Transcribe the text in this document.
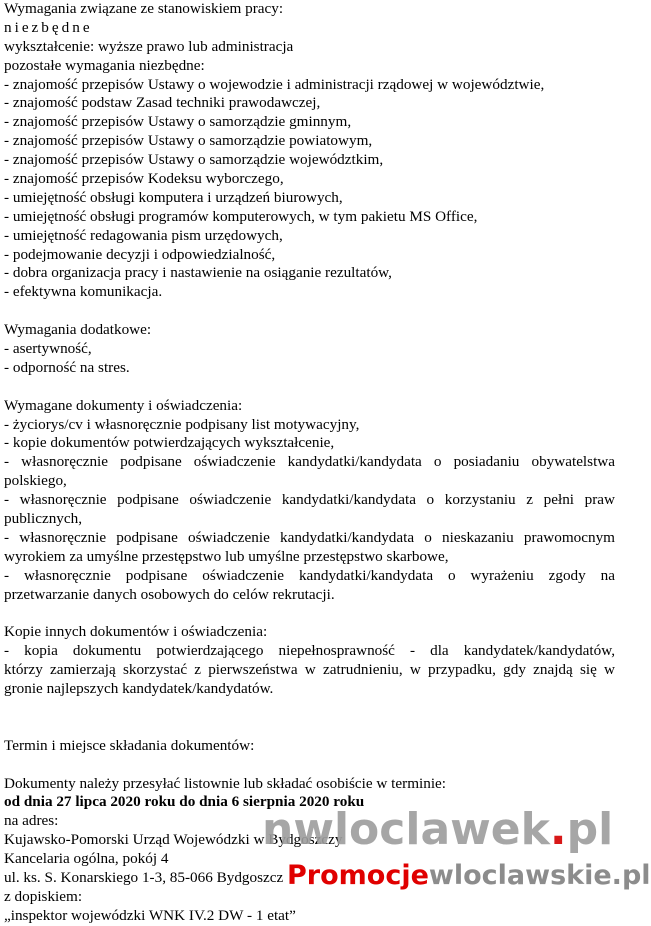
Wymagania związane ze stanowiskiem pracy:
niezbędne
wykształcenie: wyższe prawo lub administracja
pozostałe wymagania niezbędne:
- znajomość przepisów Ustawy o wojewodzie i administracji rządowej w województwie,
- znajomość podstaw Zasad techniki prawodawczej,
- znajomość przepisów Ustawy o samorządzie gminnym,
- znajomość przepisów Ustawy o samorządzie powiatowym,
- znajomość przepisów Ustawy o samorządzie województkim,
- znajomość przepisów Kodeksu wyborczego,
- umiejętność obsługi komputera i urządzeń biurowych,
- umiejętność obsługi programów komputerowych, w tym pakietu MS Office,
- umiejętność redagowania pism urzędowych,
- podejmowanie decyzji i odpowiedzialność,
- dobra organizacja pracy i nastawienie na osiąganie rezultatów,
- efektywna komunikacja.
Wymagania dodatkowe:
- asertywność,
- odporność na stres.
Wymagane dokumenty i oświadczenia:
- życiorys/cv i własnoręcznie podpisany list motywacyjny,
- kopie dokumentów potwierdzających wykształcenie,
- własnoręcznie podpisane oświadczenie kandydatki/kandydata o posiadaniu obywatelstwa
polskiego,
- własnoręcznie podpisane oświadczenie kandydatki/kandydata o korzystaniu z pełni praw
publicznych,
- własnoręcznie podpisane oświadczenie kandydatki/kandydata o nieskazaniu prawomocnym
wyrokiem za umyślne przestępstwo lub umyślne przestępstwo skarbowe,
- własnoręcznie podpisane oświadczenie kandydatki/kandydata o wyrażeniu zgody na
przetwarzanie danych osobowych do celów rekrutacji.
Kopie innych dokumentów i oświadczenia:
- kopia dokumentu potwierdzającego niepełnosprawność - dla kandydatek/kandydatów,
którzy zamierzają skorzystać z pierwszeństwa w zatrudnieniu, w przypadku, gdy znajdą się w
gronie najlepszych kandydatek/kandydatów.
Termin i miejsce składania dokumentów:
Dokumenty należy przesyłać listownie lub składać osobiście w terminie:
od dnia 27 lipca 2020 roku do dnia 6 sierpnia 2020 roku
na adres:
Kujawsko-Pomorski Urząd Wojewódzki w Bydgoszczy
Kancelaria ogólna, pokój 4
ul. ks. S. Konarskiego 1-3, 85-066 Bydgoszcz
z dopiskiem:
„inspektor wojewódzki WNK IV.2 DW - 1 etat”
nwloclawek.pl
Promocjewloclawskie.pl
